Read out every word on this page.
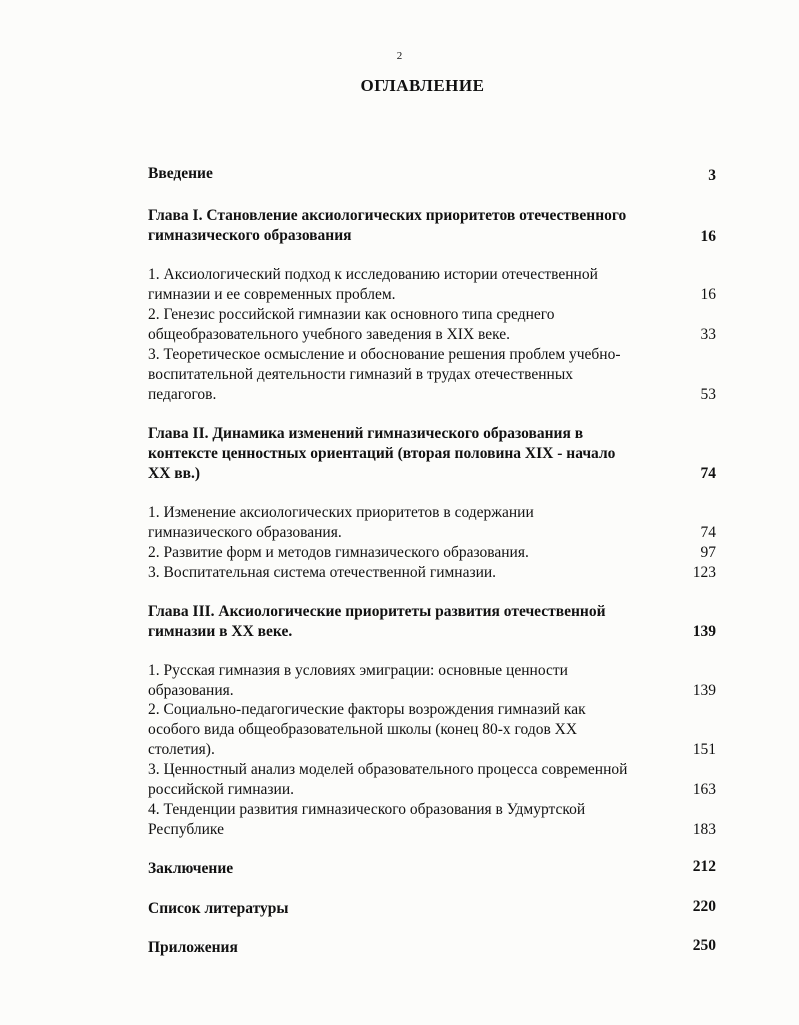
2
ОГЛАВЛЕНИЕ
Введение	3
Глава I. Становление аксиологических приоритетов отечественного
гимназического образования	16
1. Аксиологический подход к исследованию истории отечественной
гимназии и ее современных проблем.	16
2. Генезис российской гимназии как основного типа среднего
общеобразовательного учебного заведения в XIX веке.	33
3. Теоретическое осмысление и обоснование решения проблем учебно-
воспитательной деятельности гимназий в трудах отечественных
педагогов.	53
Глава II. Динамика изменений гимназического образования в
контексте ценностных ориентаций (вторая половина XIX - начало
XX вв.)	74
1. Изменение аксиологических приоритетов в содержании
гимназического образования.	74
2. Развитие форм и методов гимназического образования.	97
3. Воспитательная система отечественной гимназии.	123
Глава III. Аксиологические приоритеты развития отечественной
гимназии в XX веке.	139
1. Русская гимназия в условиях эмиграции: основные ценности
образования.	139
2. Социально-педагогические факторы возрождения гимназий как
особого вида общеобразовательной школы (конец 80-х годов XX
столетия).	151
3. Ценностный анализ моделей образовательного процесса современной
российской гимназии.	163
4. Тенденции развития гимназического образования в Удмуртской
Республике	183
Заключение	212
Список литературы	220
Приложения	250
